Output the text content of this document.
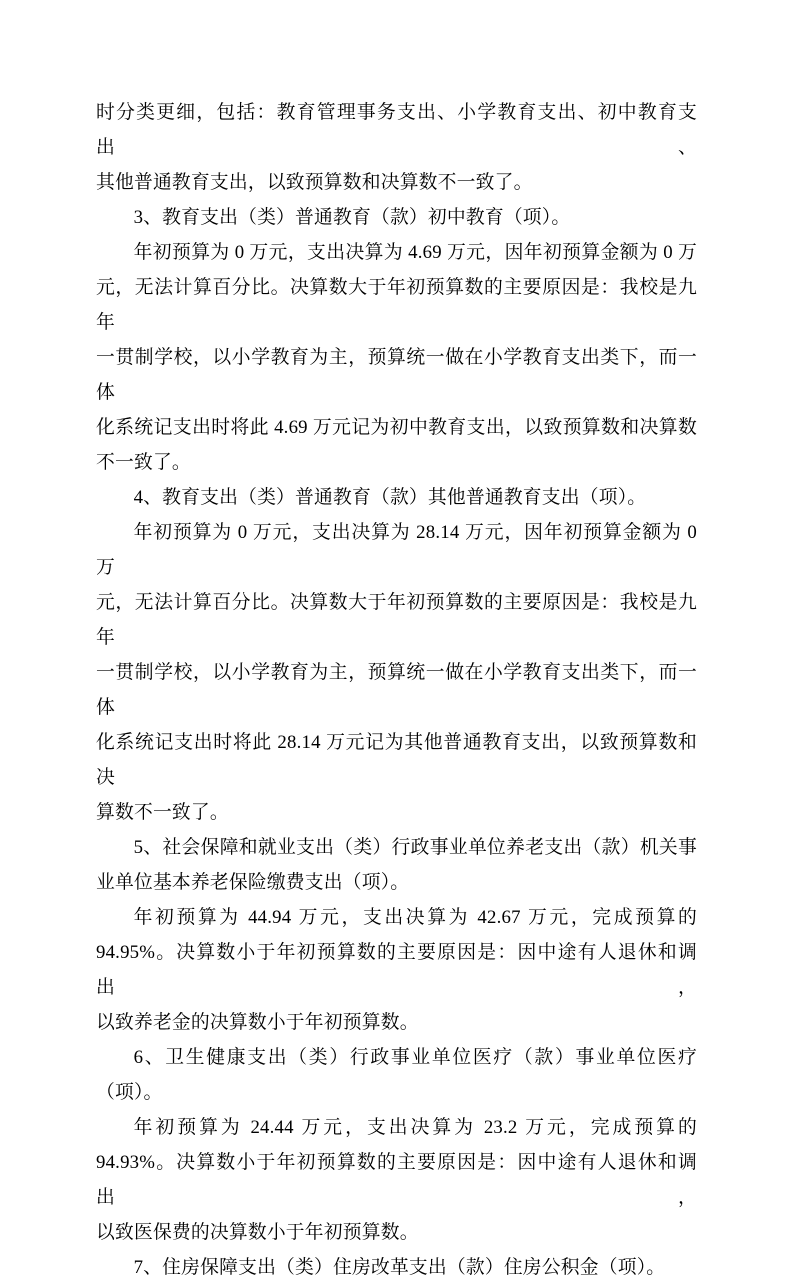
时分类更细，包括：教育管理事务支出、小学教育支出、初中教育支出、
其他普通教育支出，以致预算数和决算数不一致了。
3、教育支出（类）普通教育（款）初中教育（项）。
年初预算为 0 万元，支出决算为 4.69 万元，因年初预算金额为 0 万
元，无法计算百分比。决算数大于年初预算数的主要原因是：我校是九年
一贯制学校，以小学教育为主，预算统一做在小学教育支出类下，而一体
化系统记支出时将此 4.69 万元记为初中教育支出，以致预算数和决算数
不一致了。
4、教育支出（类）普通教育（款）其他普通教育支出（项）。
年初预算为 0 万元，支出决算为 28.14 万元，因年初预算金额为 0 万
元，无法计算百分比。决算数大于年初预算数的主要原因是：我校是九年
一贯制学校，以小学教育为主，预算统一做在小学教育支出类下，而一体
化系统记支出时将此 28.14 万元记为其他普通教育支出，以致预算数和决
算数不一致了。
5、社会保障和就业支出（类）行政事业单位养老支出（款）机关事
业单位基本养老保险缴费支出（项）。
年初预算为 44.94 万元，支出决算为 42.67 万元，完成预算的
94.95%。决算数小于年初预算数的主要原因是：因中途有人退休和调出，
以致养老金的决算数小于年初预算数。
6、卫生健康支出（类）行政事业单位医疗（款）事业单位医疗
（项）。
年初预算为 24.44 万元，支出决算为 23.2 万元，完成预算的
94.93%。决算数小于年初预算数的主要原因是：因中途有人退休和调出，
以致医保费的决算数小于年初预算数。
7、住房保障支出（类）住房改革支出（款）住房公积金（项）。
